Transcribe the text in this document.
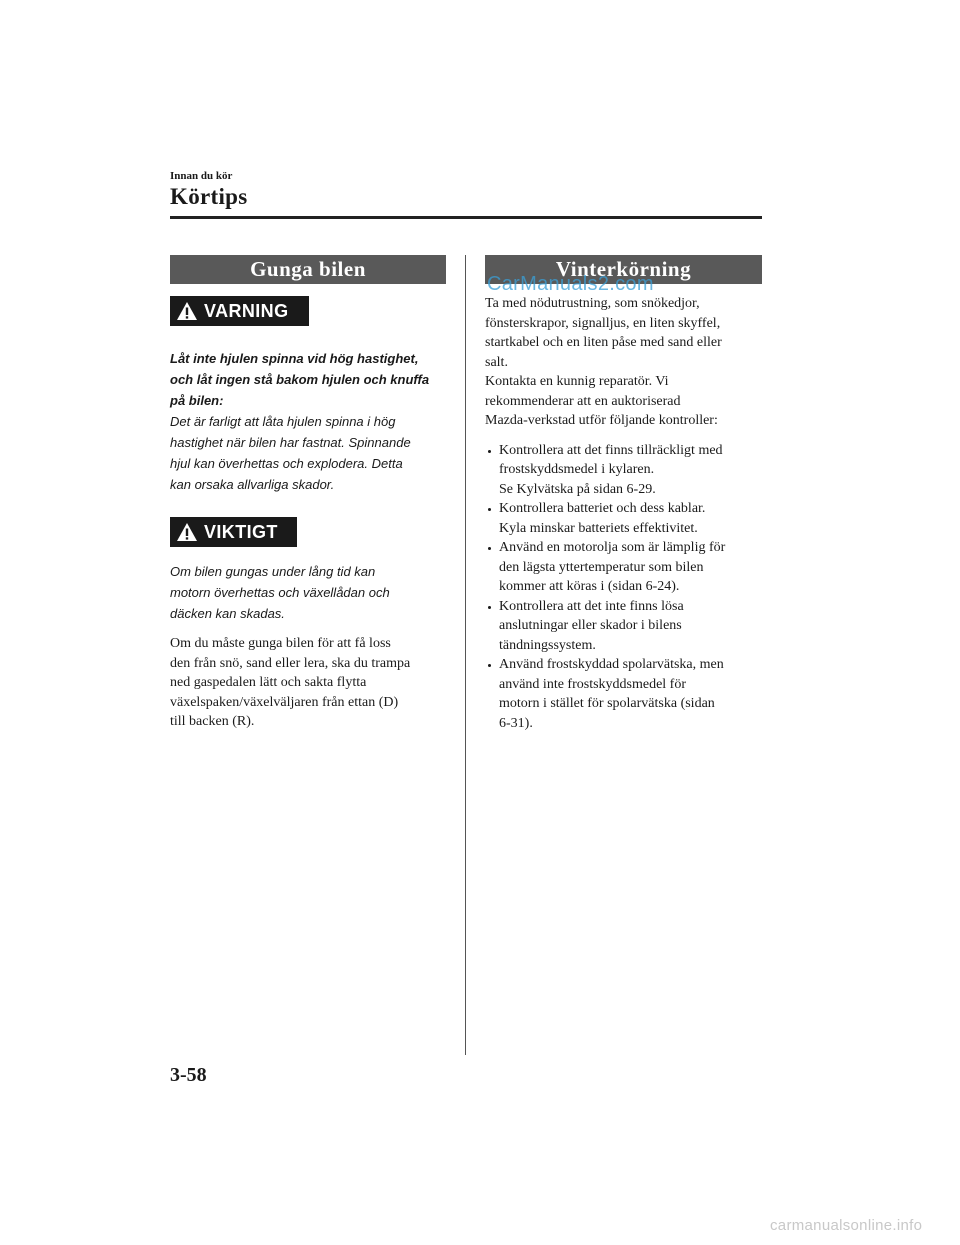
Innan du kör
Körtips
Gunga bilen
VARNING
Låt inte hjulen spinna vid hög hastighet,
och låt ingen stå bakom hjulen och knuffa
på bilen:
Det är farligt att låta hjulen spinna i hög
hastighet när bilen har fastnat. Spinnande
hjul kan överhettas och explodera. Detta
kan orsaka allvarliga skador.
VIKTIGT
Om bilen gungas under lång tid kan
motorn överhettas och växellådan och
däcken kan skadas.
Om du måste gunga bilen för att få loss
den från snö, sand eller lera, ska du trampa
ned gaspedalen lätt och sakta flytta
växelspaken/växelväljaren från ettan (D)
till backen (R).
Vinterkörning
Ta med nödutrustning, som snökedjor,
fönsterskrapor, signalljus, en liten skyffel,
startkabel och en liten påse med sand eller
salt.
Kontakta en kunnig reparatör. Vi
rekommenderar att en auktoriserad
Mazda-verkstad utför följande kontroller:
Kontrollera att det finns tillräckligt med
frostskyddsmedel i kylaren.
Se Kylvätska på sidan 6-29.
Kontrollera batteriet och dess kablar.
Kyla minskar batteriets effektivitet.
Använd en motorolja som är lämplig för
den lägsta yttertemperatur som bilen
kommer att köras i (sidan 6-24).
Kontrollera att det inte finns lösa
anslutningar eller skador i bilens
tändningssystem.
Använd frostskyddad spolarvätska, men
använd inte frostskyddsmedel för
motorn i stället för spolarvätska (sidan
6-31).
CarManuals2.com
3-58
carmanualsonline.info
